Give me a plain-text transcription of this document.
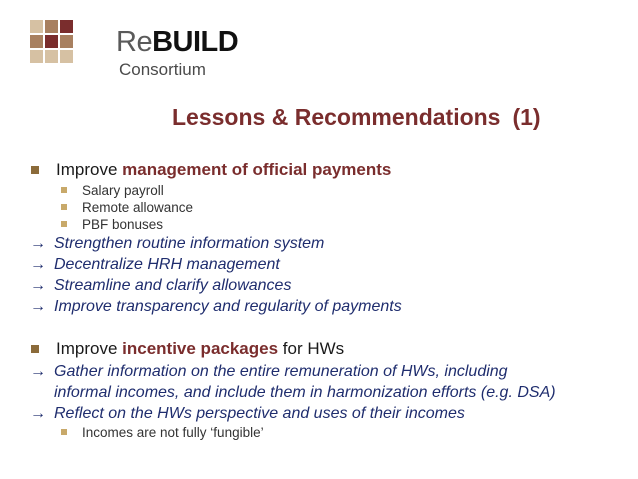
ReBUILD
Consortium
Lessons & Recommendations (1)
Improve management of official payments
Salary payroll
Remote allowance
PBF bonuses
→ Strengthen routine information system
→ Decentralize HRH management
→ Streamline and clarify allowances
→ Improve transparency and regularity of payments
Improve incentive packages for HWs
→ Gather information on the entire remuneration of HWs, including
informal incomes, and include them in harmonization efforts (e.g. DSA)
→ Reflect on the HWs perspective and uses of their incomes
Incomes are not fully ‘fungible’
